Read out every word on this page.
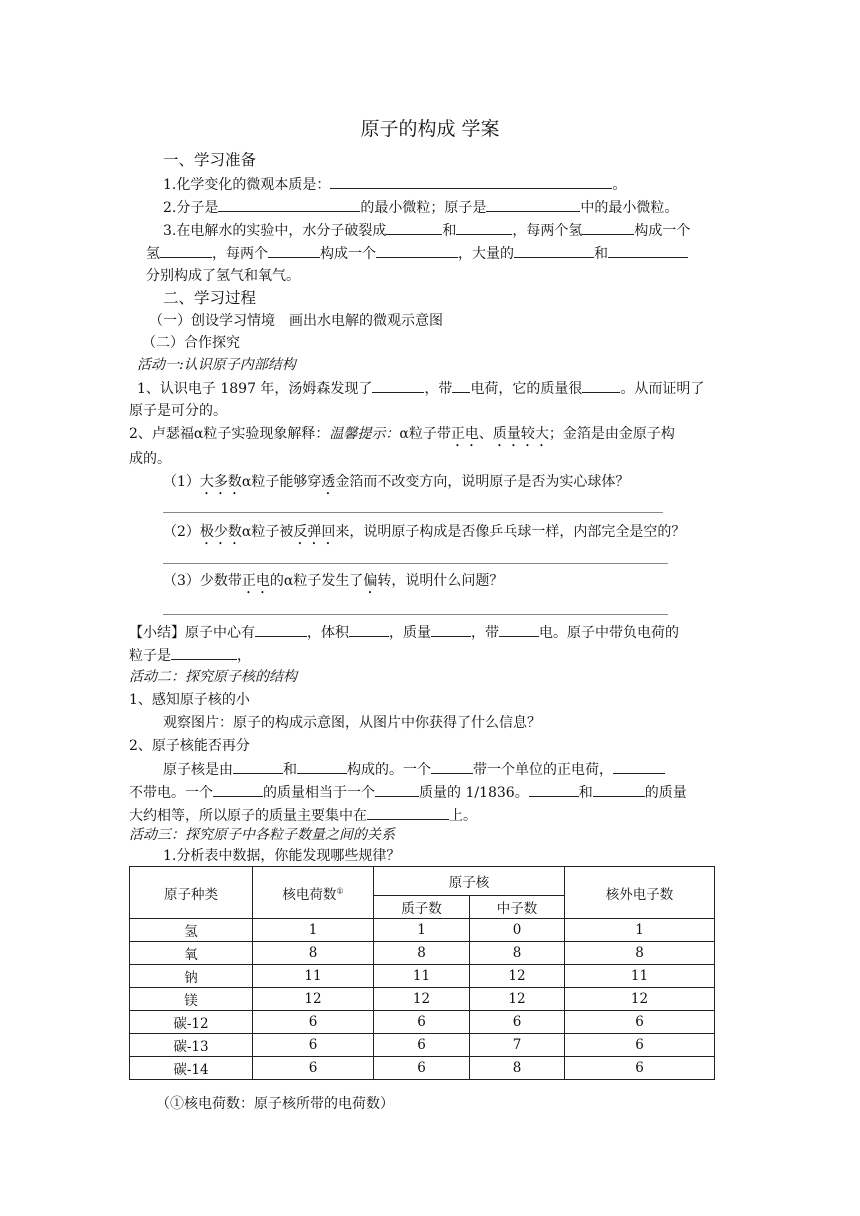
原子的构成 学案
一、学习准备
1.化学变化的微观本质是：	。
2.分子是	的最小微粒；原子是	中的最小微粒。
3.在电解水的实验中，水分子破裂成	和	，每两个氢	构成一个
氢	，每两个	构成一个	，大量的	和
分别构成了氢气和氧气。
二、学习过程
（一）创设学习情境　画出水电解的微观示意图
（二）合作探究
活动一:认识原子内部结构
1、认识电子 1897 年，汤姆森发现了	，带 电荷，它的质量很	。从而证明了
原子是可分的。
2、卢瑟福α粒子实验现象解释：温馨提示：α粒子带正电、质量较大；金箔是由金原子构
成的。
（1）大多数α粒子能够穿透金箔而不改变方向，说明原子是否为实心球体？
（2）极少数α粒子被反弹回来，说明原子构成是否像乒乓球一样，内部完全是空的？
（3）少数带正电的α粒子发生了偏转，说明什么问题？
【小结】原子中心有	，体积	，质量	，带	电。原子中带负电荷的
粒子是	，
活动二：探究原子核的结构
1、感知原子核的小
观察图片：原子的构成示意图，从图片中你获得了什么信息？
2、原子核能否再分
原子核是由	和	构成的。一个	带一个单位的正电荷，
不带电。一个	的质量相当于一个	质量的 1/1836。	和	的质量
大约相等，所以原子的质量主要集中在	上。
活动三：探究原子中各粒子数量之间的关系
1.分析表中数据，你能发现哪些规律？
原子种类	核电荷数①	原子核		核外电子数
		质子数	中子数	
氢	1	1	0	1
氧	8	8	8	8
钠	11	11	12	11
镁	12	12	12	12
碳-12	6	6	6	6
碳-13	6	6	7	6
碳-14	6	6	8	6
（①核电荷数：原子核所带的电荷数）
